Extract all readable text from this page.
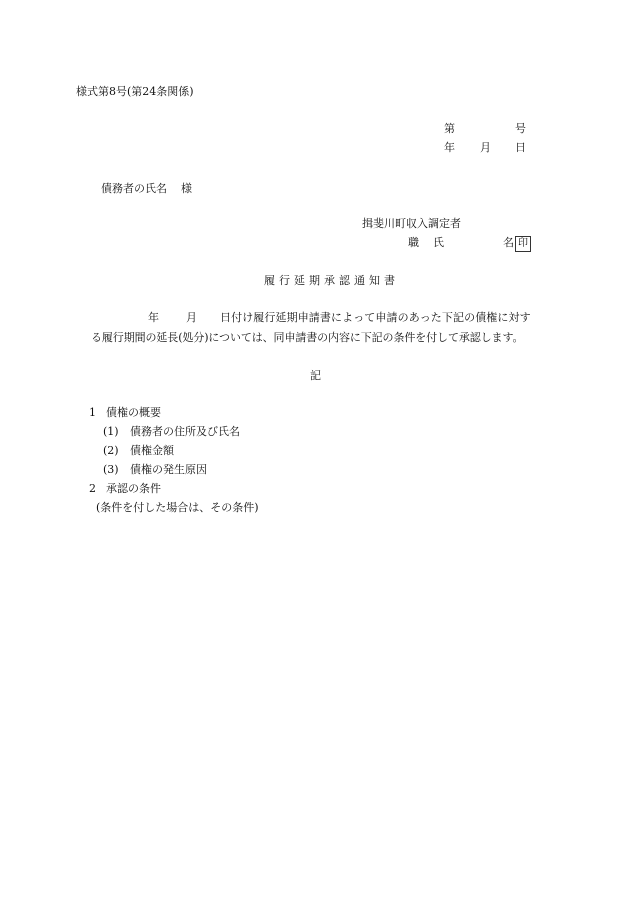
様式第8号(第24条関係)
第	号
年 月 日
債務者の氏名 様
揖斐川町収入調定者
職 氏	名 印
履行延期承認通知書
年 月 日付け履行延期申請書によって申請のあった下記の債権に対す
る履行期間の延長(処分)については、同申請書の内容に下記の条件を付して承認します。
記
1 債権の概要
(1) 債務者の住所及び氏名
(2) 債権金額
(3) 債権の発生原因
2 承認の条件
(条件を付した場合は、その条件)
